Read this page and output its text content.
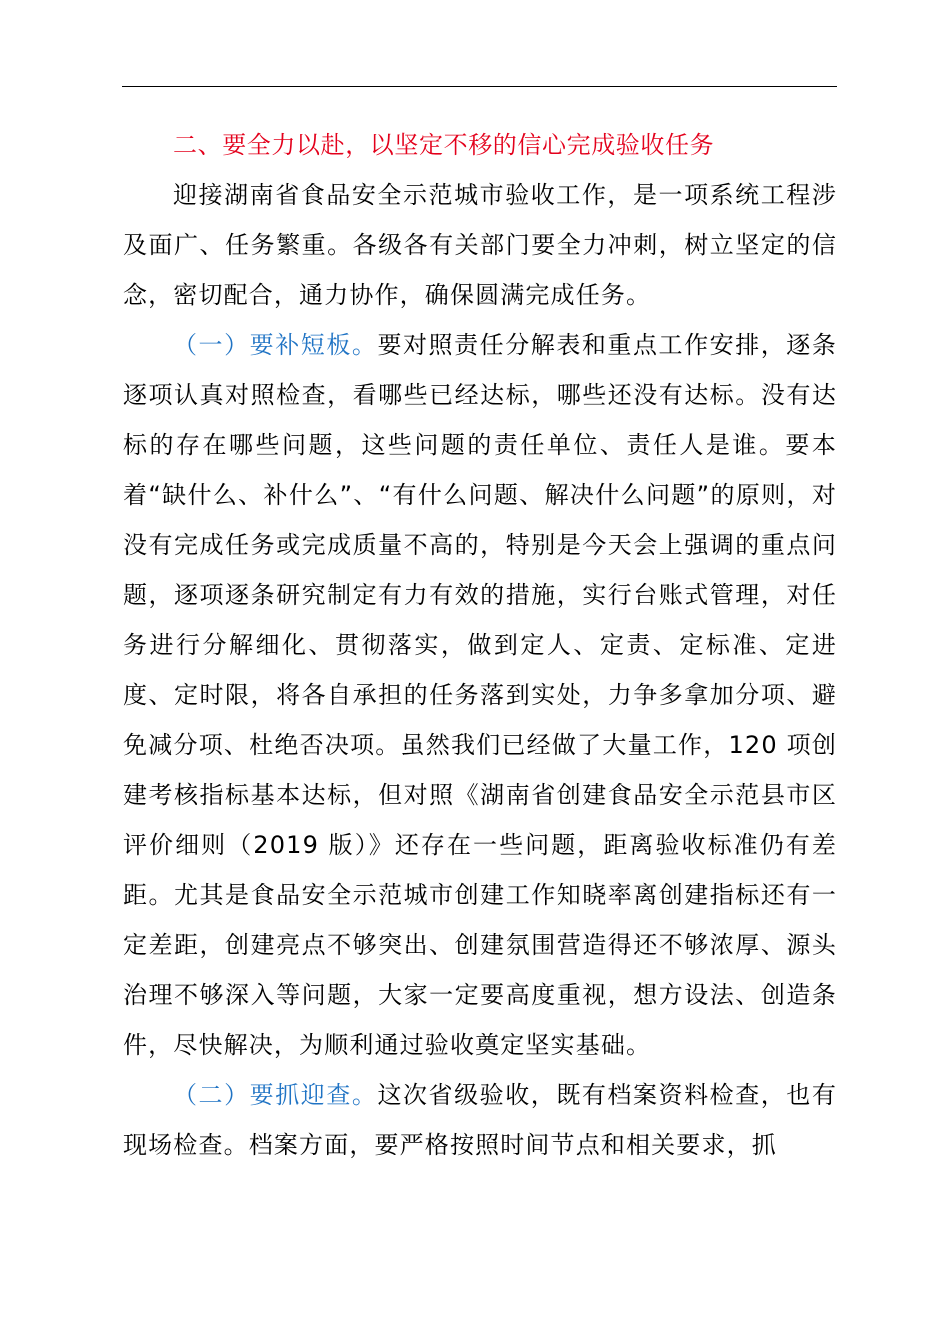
二、要全力以赴，以坚定不移的信心完成验收任务

迎接湖南省食品安全示范城市验收工作，是一项系统工程涉及面广、任务繁重。各级各有关部门要全力冲刺，树立坚定的信念，密切配合，通力协作，确保圆满完成任务。

（一）要补短板。要对照责任分解表和重点工作安排，逐条逐项认真对照检查，看哪些已经达标，哪些还没有达标。没有达标的存在哪些问题，这些问题的责任单位、责任人是谁。要本着“缺什么、补什么”、“有什么问题、解决什么问题”的原则，对没有完成任务或完成质量不高的，特别是今天会上强调的重点问题，逐项逐条研究制定有力有效的措施，实行台账式管理，对任务进行分解细化、贯彻落实，做到定人、定责、定标准、定进度、定时限，将各自承担的任务落到实处，力争多拿加分项、避免减分项、杜绝否决项。虽然我们已经做了大量工作，120 项创建考核指标基本达标，但对照《湖南省创建食品安全示范县市区评价细则（2019 版）》还存在一些问题，距离验收标准仍有差距。尤其是食品安全示范城市创建工作知晓率离创建指标还有一定差距，创建亮点不够突出、创建氛围营造得还不够浓厚、源头治理不够深入等问题，大家一定要高度重视，想方设法、创造条件，尽快解决，为顺利通过验收奠定坚实基础。

（二）要抓迎查。这次省级验收，既有档案资料检查，也有现场检查。档案方面，要严格按照时间节点和相关要求，抓
